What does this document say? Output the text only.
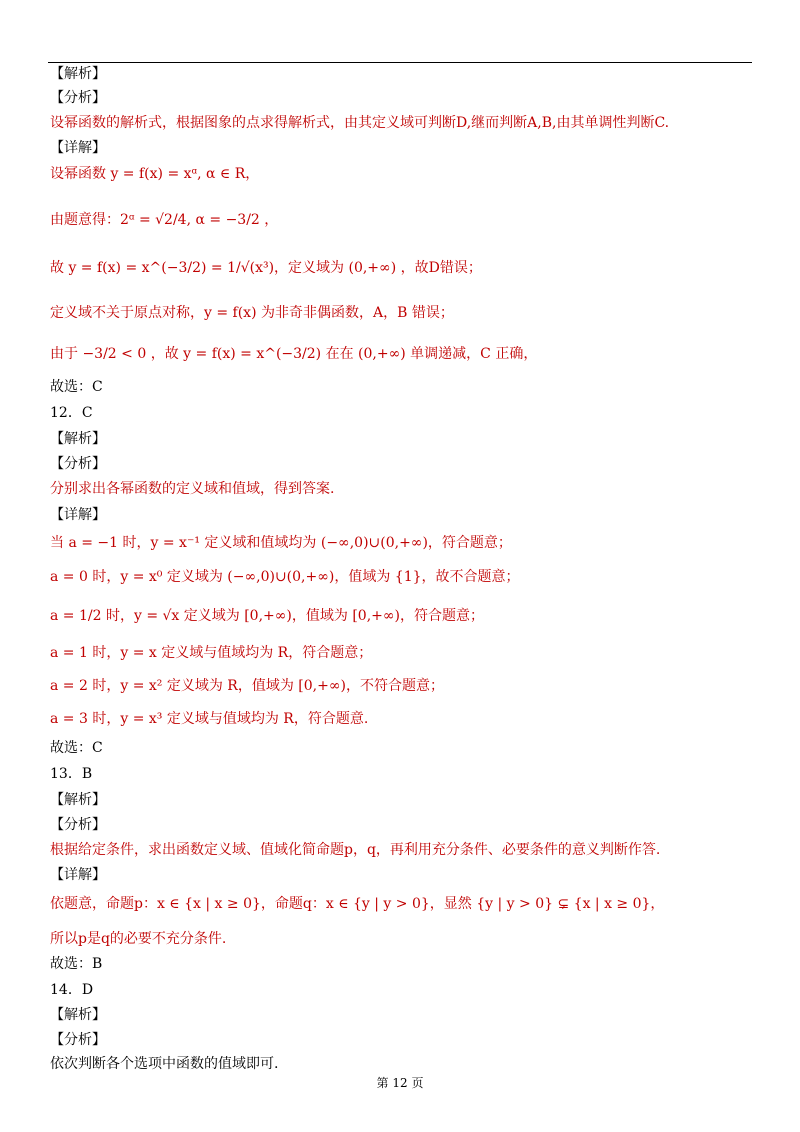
【解析】
【分析】
设幂函数的解析式，根据图象的点求得解析式，由其定义域可判断D,继而判断A,B,由其单调性判断C.
【详解】
设幂函数 y = f(x) = xᵅ, α ∈ R，
由题意得：2ᵅ = √2/4, α = −3/2 ，
故 y = f(x) = x^(−3/2) = 1/√(x³)，定义域为 (0,+∞) ，故D错误；
定义域不关于原点对称，y = f(x) 为非奇非偶函数，A，B 错误；
由于 −3/2 < 0 ，故 y = f(x) = x^(−3/2) 在在 (0,+∞) 单调递减，C 正确，
故选：C
12．C
【解析】
【分析】
分别求出各幂函数的定义域和值域，得到答案.
【详解】
当 a = −1 时，y = x⁻¹ 定义域和值域均为 (−∞,0)∪(0,+∞)，符合题意；
a = 0 时，y = x⁰ 定义域为 (−∞,0)∪(0,+∞)，值域为 {1}，故不合题意；
a = 1/2 时，y = √x 定义域为 [0,+∞)，值域为 [0,+∞)，符合题意；
a = 1 时，y = x 定义域与值域均为 R，符合题意；
a = 2 时，y = x² 定义域为 R，值域为 [0,+∞)，不符合题意；
a = 3 时，y = x³ 定义域与值域均为 R，符合题意.
故选：C
13．B
【解析】
【分析】
根据给定条件，求出函数定义域、值域化简命题p，q，再利用充分条件、必要条件的意义判断作答.
【详解】
依题意，命题p：x ∈ {x | x ≥ 0}，命题q：x ∈ {y | y > 0}，显然 {y | y > 0} ⊊ {x | x ≥ 0}，
所以p是q的必要不充分条件.
故选：B
14．D
【解析】
【分析】
依次判断各个选项中函数的值域即可.
第 12 页
